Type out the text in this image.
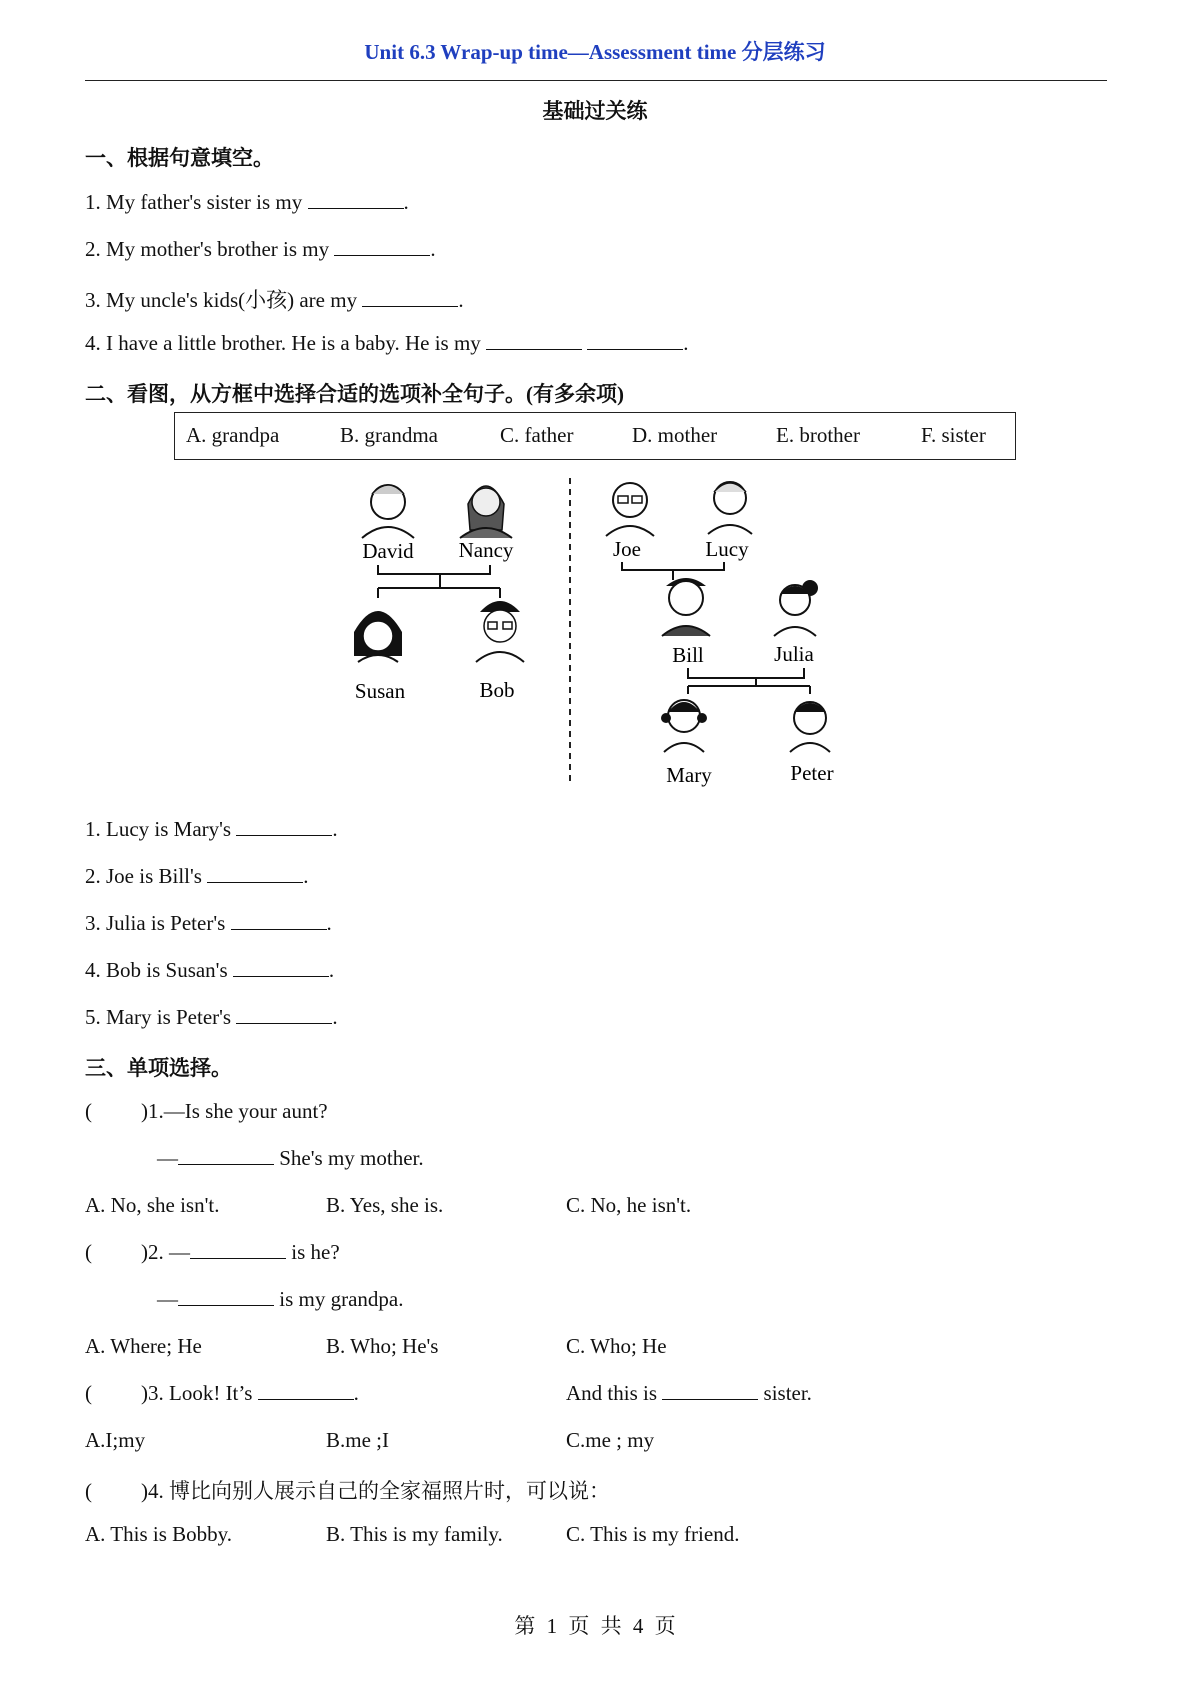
Unit 6.3 Wrap-up time—Assessment time 分层练习
基础过关练
一、根据句意填空。
1. My father's sister is my	.
2. My mother's brother is my	.
3. My uncle's kids(小孩) are my	.
4. I have a little brother. He is a baby. He is my	.
二、看图，从方框中选择合适的选项补全句子。(有多余项)
A. grandpa	B. grandma	C. father	D. mother	E. brother	F. sister
David Nancy
Susan	Bob
Joe	Lucy
Bill	Julia
Mary	Peter
1. Lucy is Mary's	.
2. Joe is Bill's	.
3. Julia is Peter's	.
4. Bob is Susan's	.
5. Mary is Peter's	.
三、单项选择。
( )1.—Is she your aunt?
—	She's my mother.
A. No, she isn't.	B. Yes, she is.	C. No, he isn't.
( )2. —	is he?
—	is my grandpa.
A. Where; He	B. Who; He's	C. Who; He
( )3. Look! It’s	.	And this is	sister.
A.I;my	B.me ;I	C.me ; my
( )4. 博比向别人展示自己的全家福照片时，可以说：
A. This is Bobby.	B. This is my family.	C. This is my friend.
第 1 页 共 4 页
